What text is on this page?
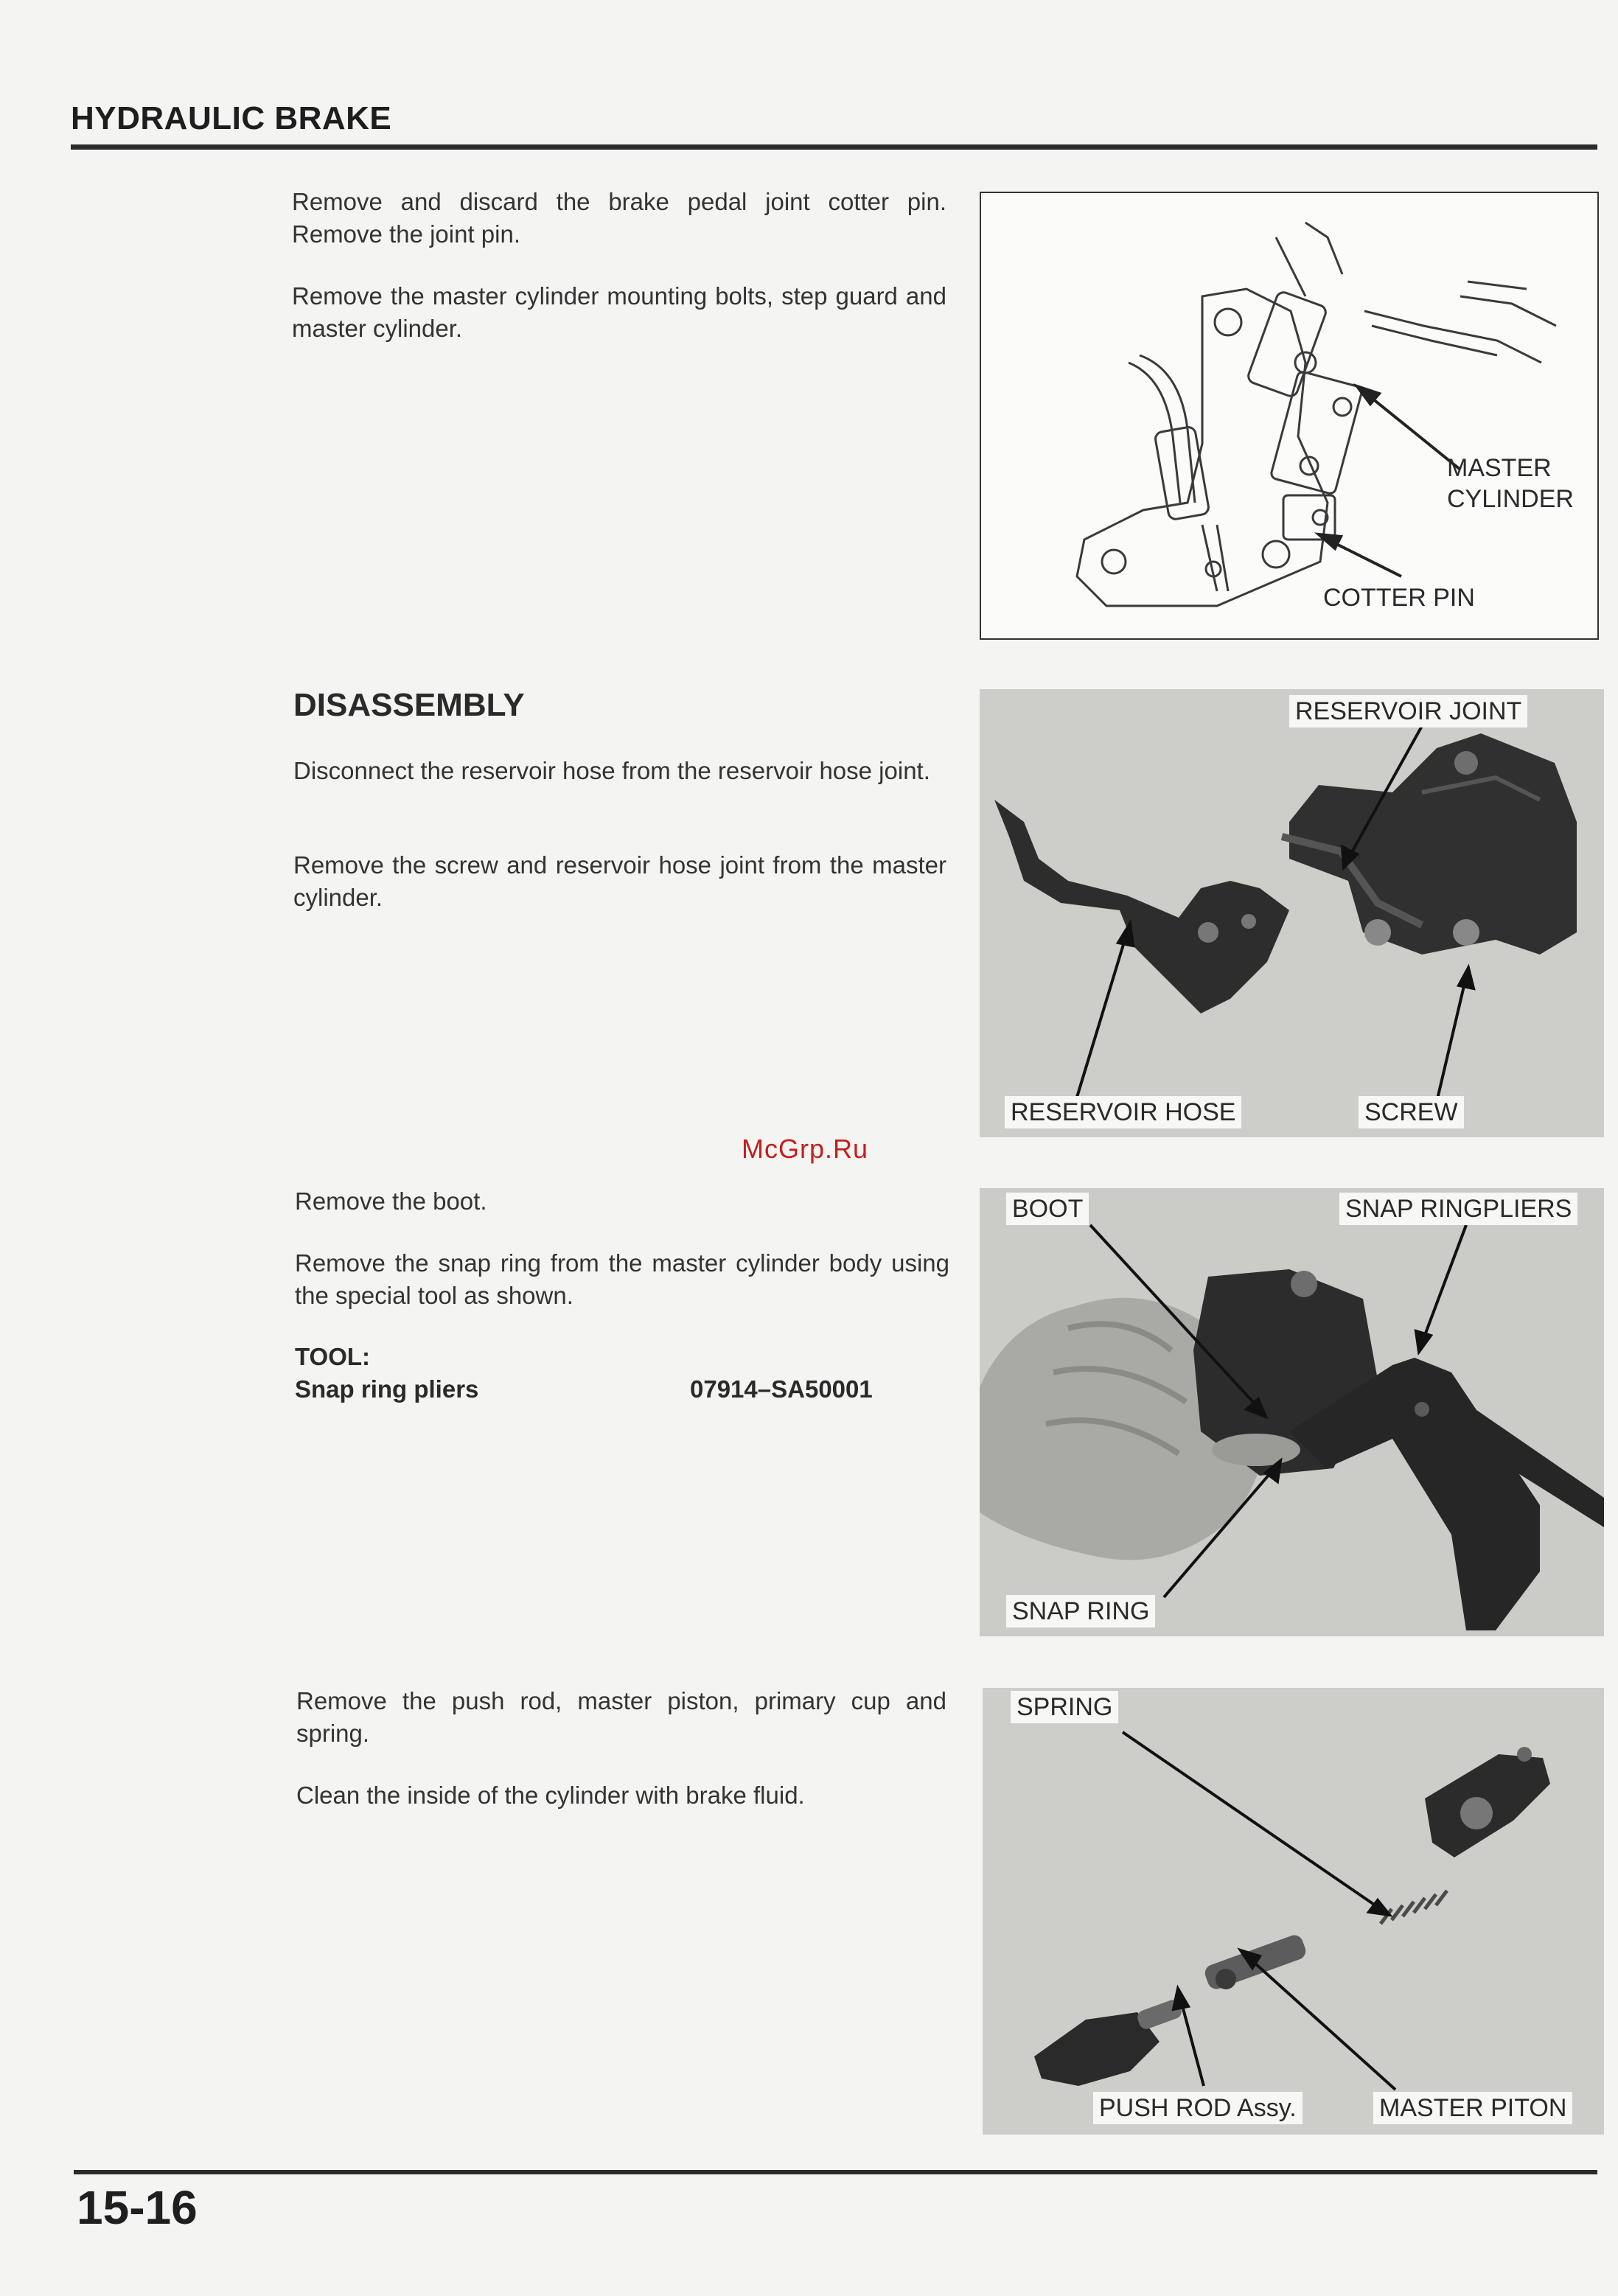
HYDRAULIC BRAKE
Remove and discard the brake pedal joint cotter pin. Remove the joint pin.
Remove the master cylinder mounting bolts, step guard and master cylinder.
MASTER CYLINDER
COTTER PIN
DISASSEMBLY
Disconnect the reservoir hose from the reservoir hose joint.
Remove the screw and reservoir hose joint from the master cylinder.
RESERVOIR JOINT
RESERVOIR HOSE	SCREW
McGrp.Ru
Remove the boot.
Remove the snap ring from the master cylinder body using the special tool as shown.
TOOL:
Snap ring pliers	07914–SA50001
BOOT	SNAP RINGPLIERS
SNAP RING
Remove the push rod, master piston, primary cup and spring.
Clean the inside of the cylinder with brake fluid.
SPRING
PUSH ROD Assy.	MASTER PITON
15-16
